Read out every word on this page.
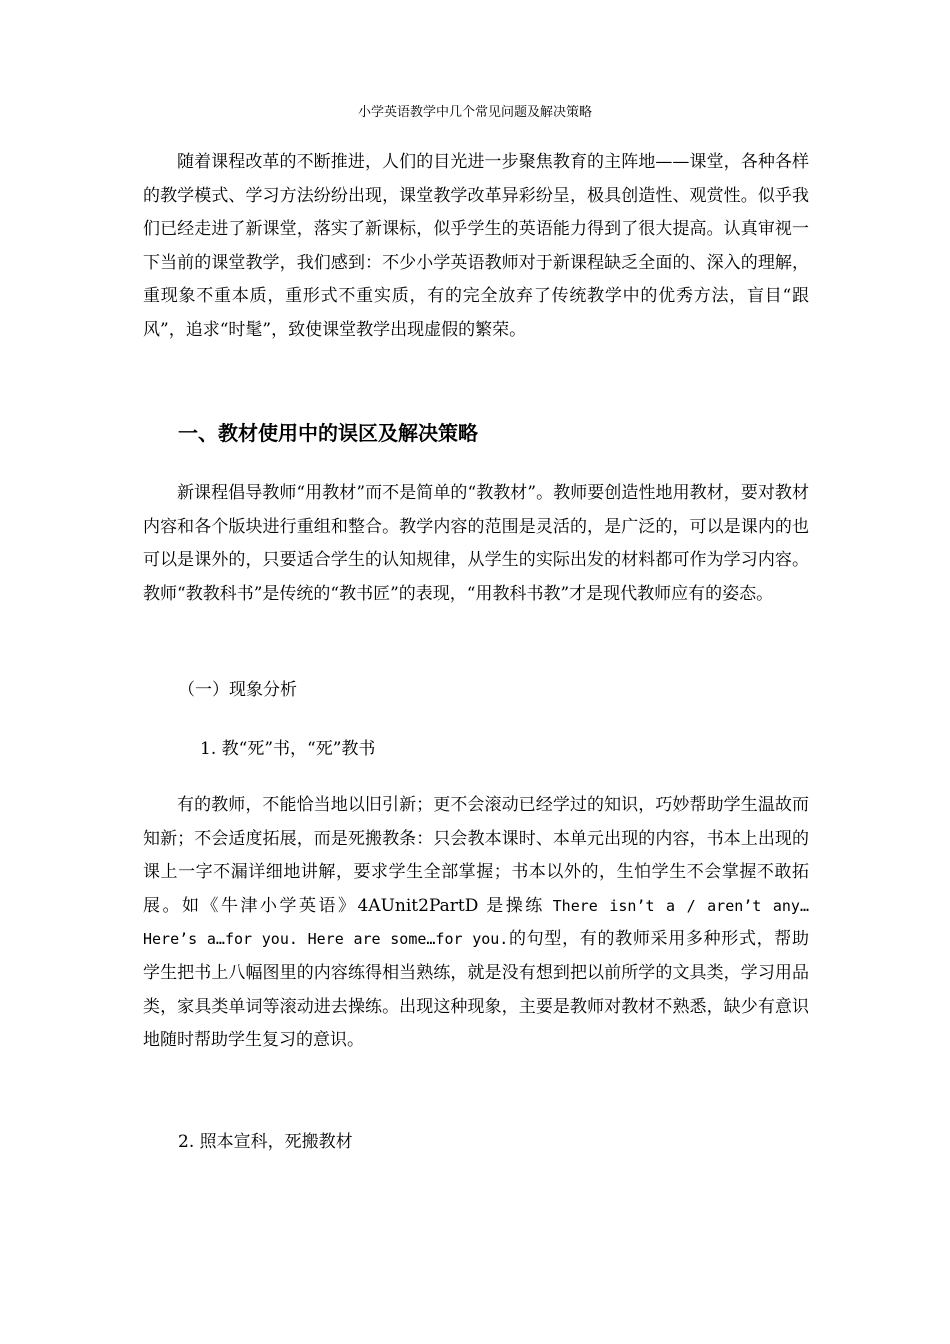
小学英语教学中几个常见问题及解决策略

随着课程改革的不断推进，人们的目光进一步聚焦教育的主阵地——课堂，各种各样的教学模式、学习方法纷纷出现，课堂教学改革异彩纷呈，极具创造性、观赏性。似乎我们已经走进了新课堂，落实了新课标，似乎学生的英语能力得到了很大提高。认真审视一下当前的课堂教学，我们感到：不少小学英语教师对于新课程缺乏全面的、深入的理解，重现象不重本质，重形式不重实质，有的完全放弃了传统教学中的优秀方法，盲目“跟风”，追求“时髦”，致使课堂教学出现虚假的繁荣。

一、教材使用中的误区及解决策略

新课程倡导教师“用教材”而不是简单的“教教材”。教师要创造性地用教材，要对教材内容和各个版块进行重组和整合。教学内容的范围是灵活的，是广泛的，可以是课内的也可以是课外的，只要适合学生的认知规律，从学生的实际出发的材料都可作为学习内容。教师“教教科书”是传统的“教书匠”的表现，“用教科书教”才是现代教师应有的姿态。

（一）现象分析
1. 教“死”书，“死”教书

有的教师，不能恰当地以旧引新；更不会滚动已经学过的知识，巧妙帮助学生温故而知新；不会适度拓展，而是死搬教条：只会教本课时、本单元出现的内容，书本上出现的课上一字不漏详细地讲解，要求学生全部掌握；书本以外的，生怕学生不会掌握不敢拓展。如《牛津小学英语》4AUnit2PartD 是操练 There isn’t a / aren’t any… Here’s a…for you. Here are some…for you.的句型，有的教师采用多种形式，帮助学生把书上八幅图里的内容练得相当熟练，就是没有想到把以前所学的文具类，学习用品类，家具类单词等滚动进去操练。出现这种现象，主要是教师对教材不熟悉，缺少有意识地随时帮助学生复习的意识。

2. 照本宣科，死搬教材
